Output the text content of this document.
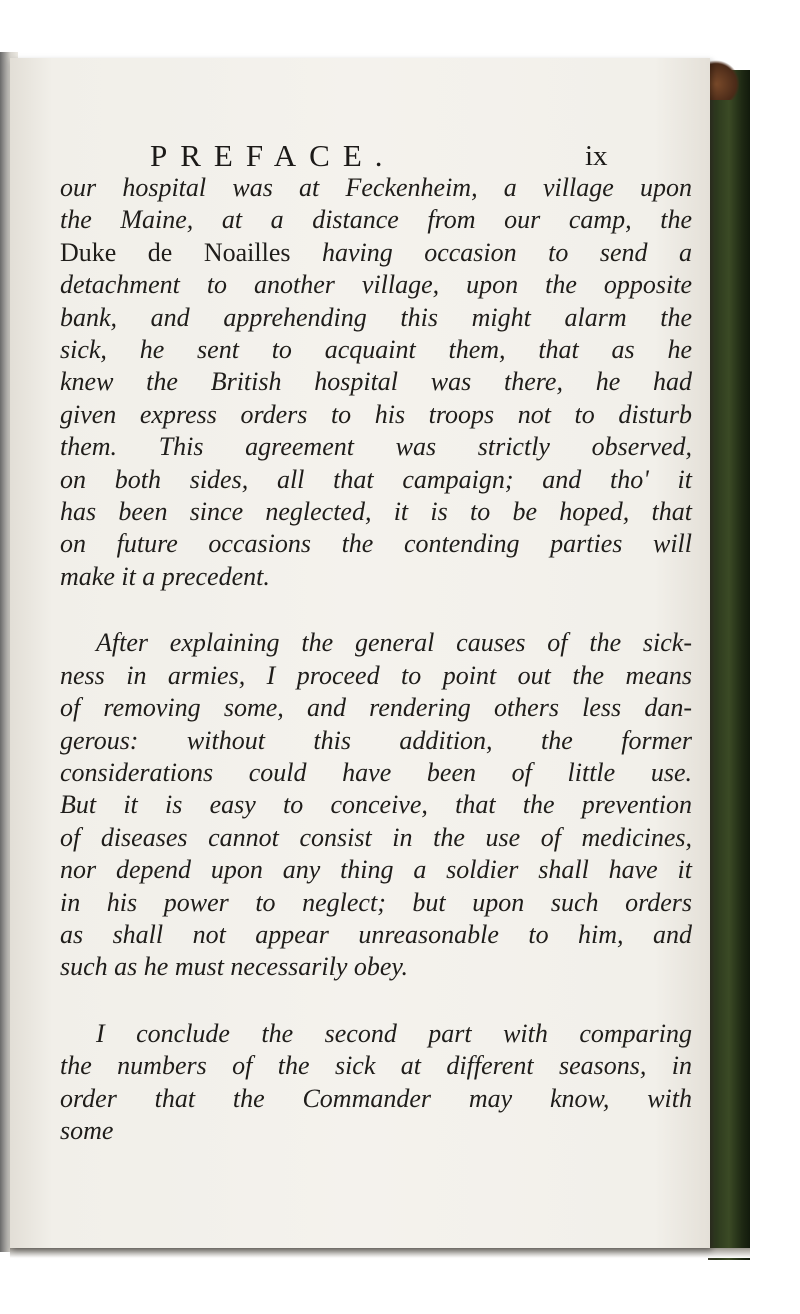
PREFACE.	ix
our hospital was at Feckenheim, a village upon
the Maine, at a distance from our camp, the
Duke de Noailles having occasion to send a
detachment to another village, upon the opposite
bank, and apprehending this might alarm the
sick, he sent to acquaint them, that as he
knew the British hospital was there, he had
given express orders to his troops not to disturb
them. This agreement was strictly observed,
on both sides, all that campaign; and tho' it
has been since neglected, it is to be hoped, that
on future occasions the contending parties will
make it a precedent.
After explaining the general causes of the sick-
ness in armies, I proceed to point out the means
of removing some, and rendering others less dan-
gerous: without this addition, the former
considerations could have been of little use.
But it is easy to conceive, that the prevention
of diseases cannot consist in the use of medicines,
nor depend upon any thing a soldier shall have it
in his power to neglect; but upon such orders
as shall not appear unreasonable to him, and
such as he must necessarily obey.
I conclude the second part with comparing
the numbers of the sick at different seasons, in
order that the Commander may know, with
some
